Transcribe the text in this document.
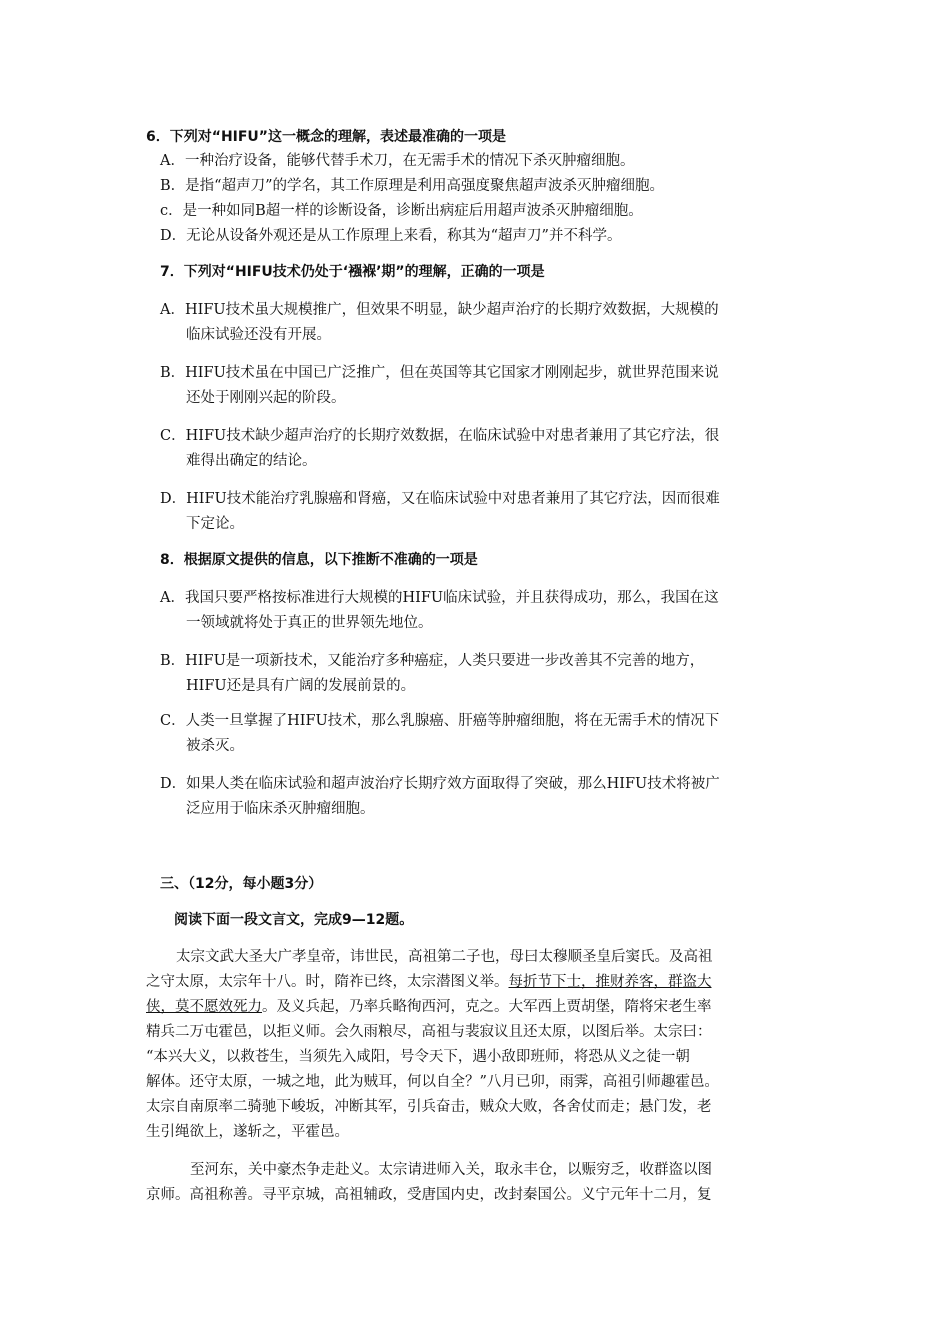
6．下列对“HIFU”这一概念的理解，表述最准确的一项是
A．一种治疗设备，能够代替手术刀，在无需手术的情况下杀灭肿瘤细胞。
B．是指“超声刀”的学名，其工作原理是利用高强度聚焦超声波杀灭肿瘤细胞。
c．是一种如同B超一样的诊断设备，诊断出病症后用超声波杀灭肿瘤细胞。
D．无论从设备外观还是从工作原理上来看，称其为“超声刀”并不科学。
7．下列对“HIFU技术仍处于‘襁褓’期”的理解，正确的一项是
A．HIFU技术虽大规模推广，但效果不明显，缺少超声治疗的长期疗效数据，大规模的
临床试验还没有开展。
B．HIFU技术虽在中国已广泛推广，但在英国等其它国家才刚刚起步，就世界范围来说
还处于刚刚兴起的阶段。
C．HIFU技术缺少超声治疗的长期疗效数据，在临床试验中对患者兼用了其它疗法，很
难得出确定的结论。
D．HIFU技术能治疗乳腺癌和肾癌，又在临床试验中对患者兼用了其它疗法，因而很难
下定论。
8．根据原文提供的信息，以下推断不准确的一项是
A．我国只要严格按标准进行大规模的HIFU临床试验，并且获得成功，那么，我国在这
一领域就将处于真正的世界领先地位。
B．HIFU是一项新技术，又能治疗多种癌症，人类只要进一步改善其不完善的地方，
HIFU还是具有广阔的发展前景的。
C．人类一旦掌握了HIFU技术，那么乳腺癌、肝癌等肿瘤细胞，将在无需手术的情况下
被杀灭。
D．如果人类在临床试验和超声波治疗长期疗效方面取得了突破，那么HIFU技术将被广
泛应用于临床杀灭肿瘤细胞。
三、（12分，每小题3分）
阅读下面一段文言文，完成9—12题。
太宗文武大圣大广孝皇帝，讳世民，高祖第二子也，母曰太穆顺圣皇后窦氏。及高祖
之守太原，太宗年十八。时，隋祚已终，太宗潜图义举。每折节下士，推财养客，群盗大
侠，莫不愿效死力。及义兵起，乃率兵略徇西河，克之。大军西上贾胡堡，隋将宋老生率
精兵二万屯霍邑，以拒义师。会久雨粮尽，高祖与裴寂议且还太原，以图后举。太宗曰：
“本兴大义，以救苍生，当须先入咸阳，号令天下，遇小敌即班师，将恐从义之徒一朝
解体。还守太原，一城之地，此为贼耳，何以自全？”八月已卯，雨霁，高祖引师趣霍邑。
太宗自南原率二骑驰下峻坂，冲断其军，引兵奋击，贼众大败，各舍仗而走；悬门发，老
生引绳欲上，遂斩之，平霍邑。
至河东，关中豪杰争走赴义。太宗请进师入关，取永丰仓，以赈穷乏，收群盗以图
京师。高祖称善。寻平京城，高祖辅政，受唐国内史，改封秦国公。义宁元年十二月，复
